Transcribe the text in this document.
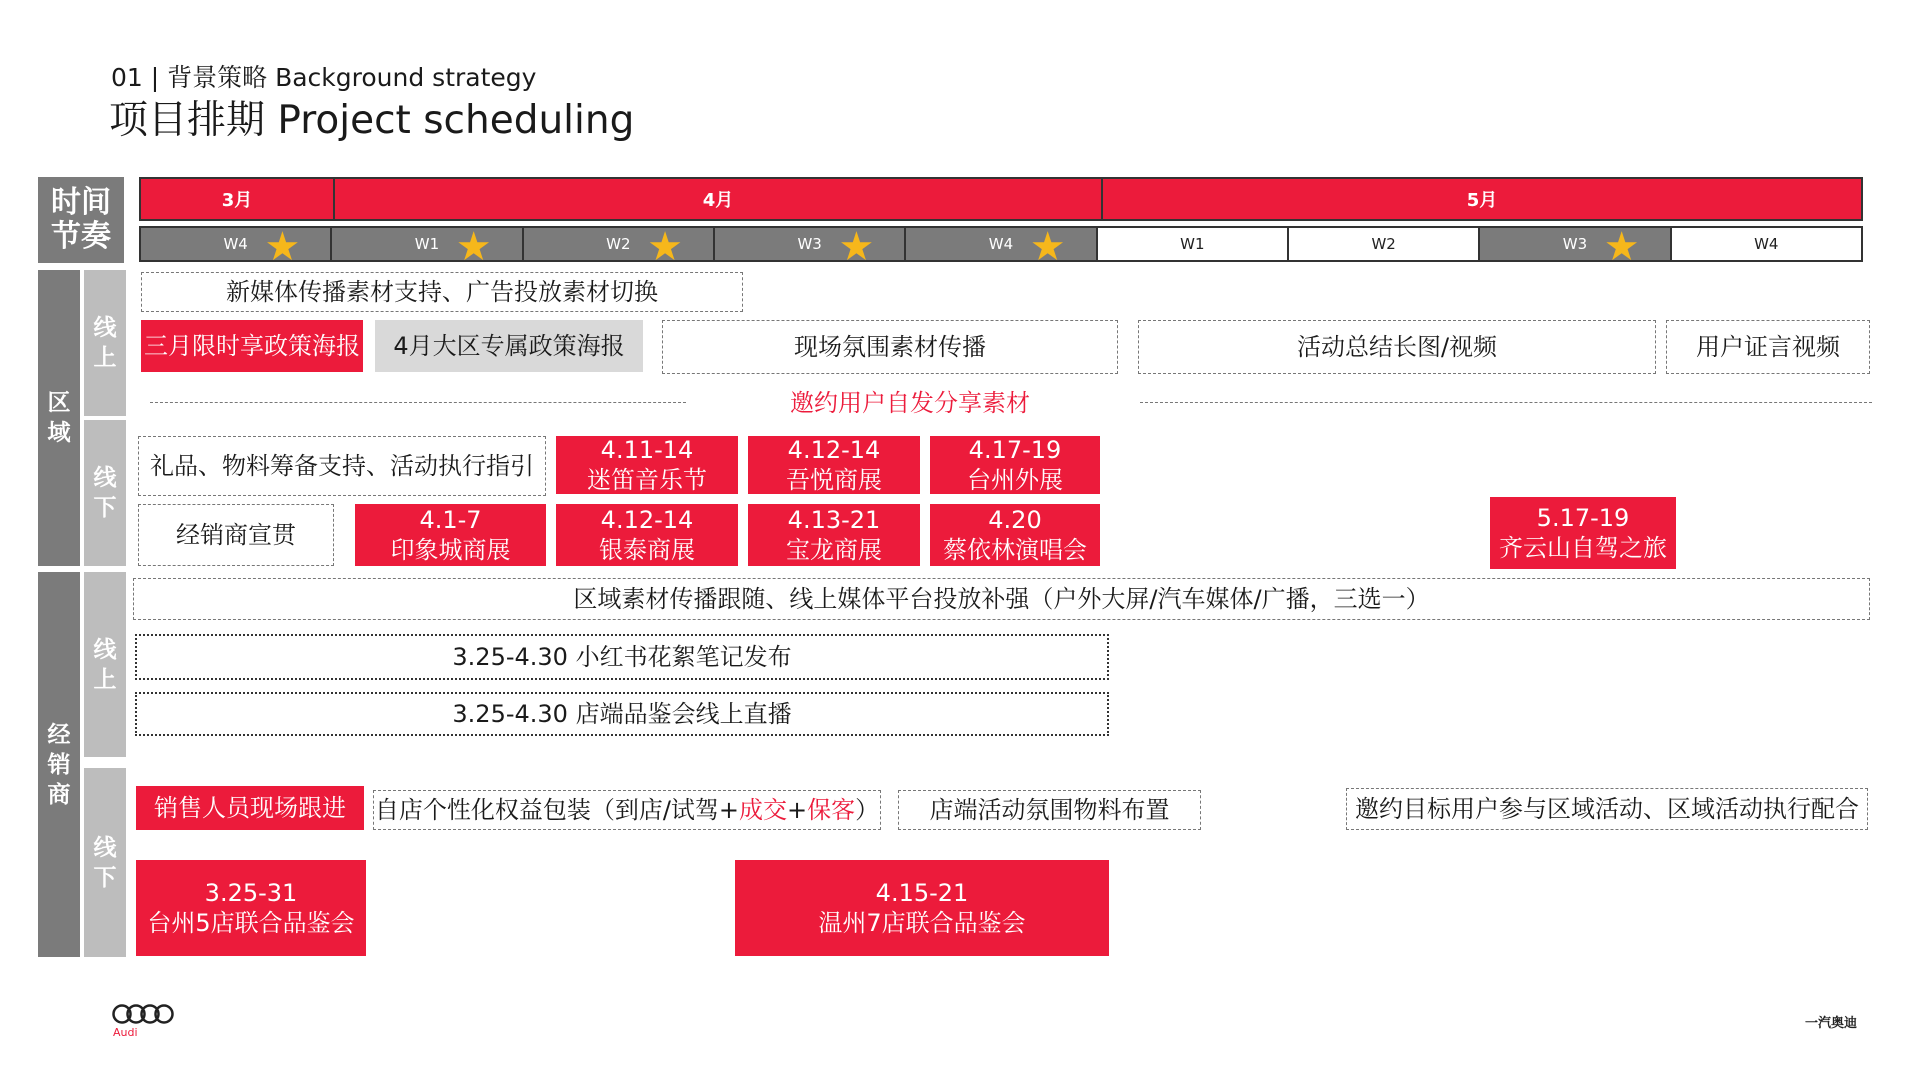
01 | 背景策略 Background strategy
项目排期 Project scheduling
时间节奏
区域
线上
线下
经销商
线上
线下
3月	4月	5月
W4 ★	W1 ★	W2 ★	W3 ★	W4 ★	W1	W2	W3 ★	W4
新媒体传播素材支持、广告投放素材切换
三月限时享政策海报	4月大区专属政策海报	现场氛围素材传播	活动总结长图/视频	用户证言视频
邀约用户自发分享素材
礼品、物料筹备支持、活动执行指引
经销商宣贯
4.11-14
迷笛音乐节
4.12-14
吾悦商展
4.17-19
台州外展
4.1-7
印象城商展
4.12-14
银泰商展
4.13-21
宝龙商展
4.20
蔡依林演唱会
5.17-19
齐云山自驾之旅
区域素材传播跟随、线上媒体平台投放补强（户外大屏/汽车媒体/广播，三选一）
3.25-4.30 小红书花絮笔记发布
3.25-4.30 店端品鉴会线上直播
销售人员现场跟进	自店个性化权益包装（到店/试驾+ 成交 + 保客 ）	店端活动氛围物料布置	邀约目标用户参与区域活动、区域活动执行配合
3.25-31
台州5店联合品鉴会
4.15-21
温州7店联合品鉴会
Audi
一汽奥迪
